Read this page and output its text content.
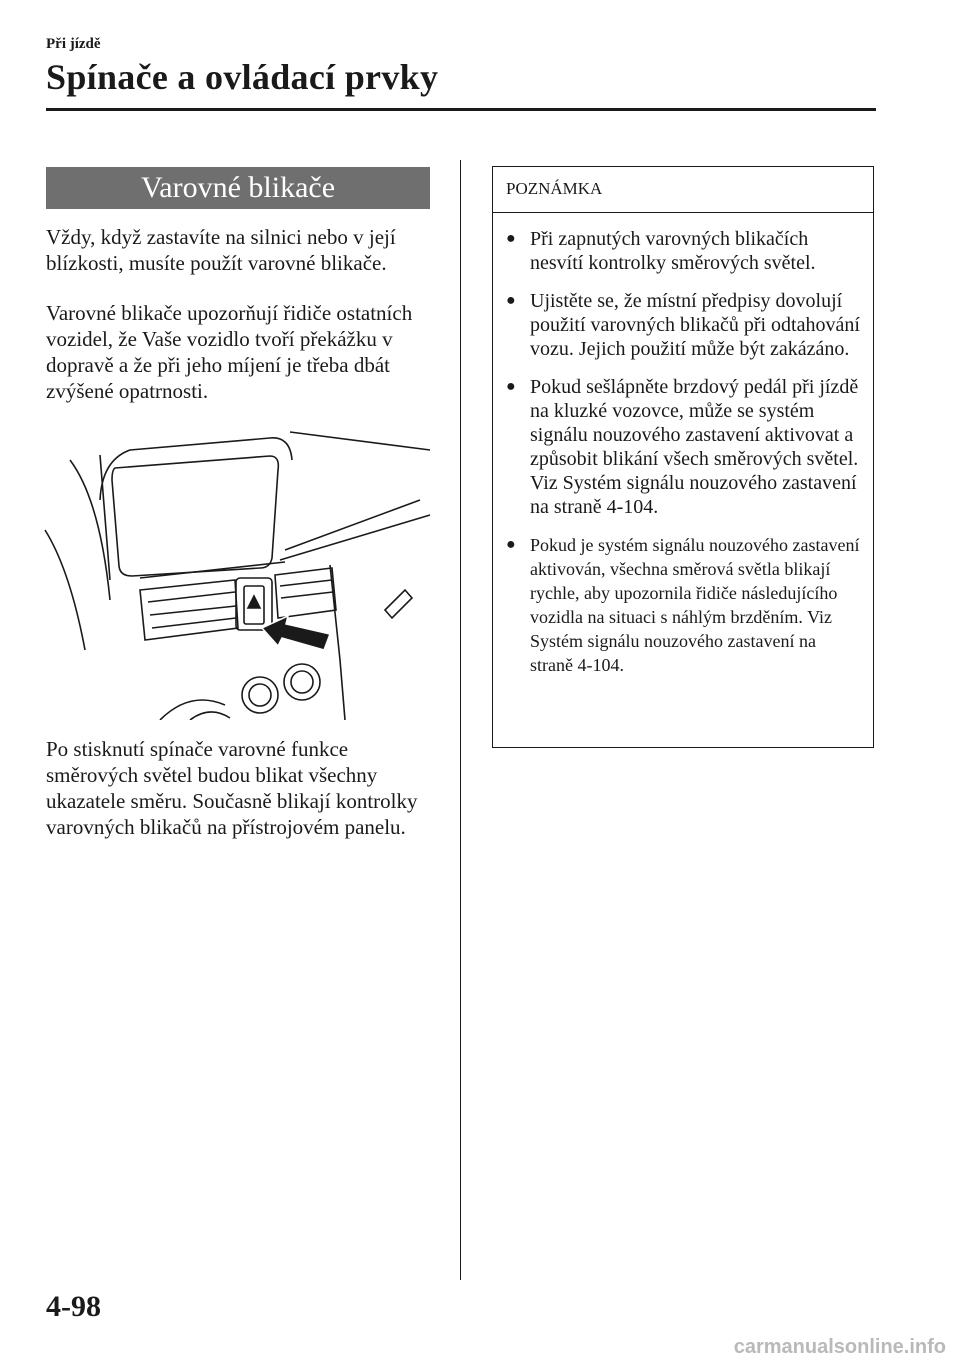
Při jízdě
Spínače a ovládací prvky
Varovné blikače

Vždy, když zastavíte na silnici nebo v její blízkosti, musíte použít varovné blikače.

Varovné blikače upozorňují řidiče ostatních vozidel, že Vaše vozidlo tvoří překážku v dopravě a že při jeho míjení je třeba dbát zvýšené opatrnosti.

Po stisknutí spínače varovné funkce směrových světel budou blikat všechny ukazatele směru. Současně blikají kontrolky varovných blikačů na přístrojovém panelu.

POZNÁMKA
● Při zapnutých varovných blikačích nesvítí kontrolky směrových světel.
● Ujistěte se, že místní předpisy dovolují použití varovných blikačů při odtahování vozu. Jejich použití může být zakázáno.
● Pokud sešlápněte brzdový pedál při jízdě na kluzké vozovce, může se systém signálu nouzového zastavení aktivovat a způsobit blikání všech směrových světel. Viz Systém signálu nouzového zastavení na straně 4-104.
● Pokud je systém signálu nouzového zastavení aktivován, všechna směrová světla blikají rychle, aby upozornila řidiče následujícího vozidla na situaci s náhlým brzděním. Viz Systém signálu nouzového zastavení na straně 4-104.
4-98
carmanualsonline.info
